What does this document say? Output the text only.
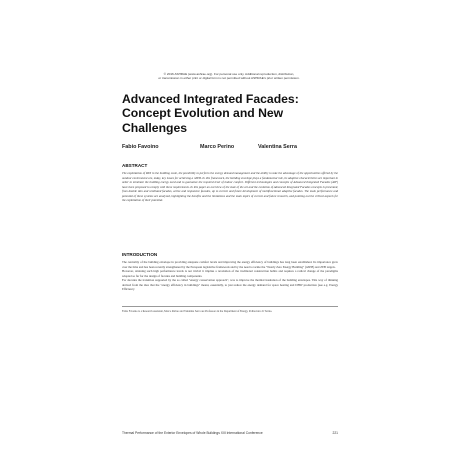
© 2016 ASHRAE (www.ashrae.org). For personal use only. Additional reproduction, distribution,
or transmission in either print or digital form is not permitted without ASHRAE's prior written permission.
Advanced Integrated Facades:
Concept Evolution and New
Challenges
Fabio Favoino	Marco Perino	Valentina Serra
ABSTRACT
The exploitation of RES in the building scale, the possibility to perform the energy demand management and the ability to take the advantage of the opportunities offered by the outdoor environment are, today, key issues for achieving a nZEB. In this framework, the building envelope plays a fundamental role, its adaptive characteristics are important in order to minimize the building energy need and to guarantee the required level of indoor comfort. Different technologies and concepts of Advanced Integrated Facades (AIF) have been proposed to comply with these requirements. In this paper an overview of the state of the art and the evolution of Advanced Integrated Facades concepts is presented, from double skin and ventilated facades, active and responsive facades, up to current and future development of multifunctional adaptive facades. The main performance and potential of these systems are analysed, highlighting the benefits and the limitations and the main topics of current and future research, and pointing out the critical aspects for the exploitation of their potential.
INTRODUCTION
The centrality of the building envelope in providing adequate comfort levels and improving the energy efficiency of buildings has long been established. Its importance grew over the time and has been recently strengthened by the European legislative framework and by the need to tackle the "Nearly Zero Energy Building" (nZEB) and ZEB targets.
However, attaining such high performance levels is not trivial: it implies a revolution of the traditional construction habits and requires a radical change of the paradigms adopted so far for the design of facades and building components.
For decades the transition supported by the so called "energy conservation approach", was to improve the thermal insulation of the building envelopes. This way of thinking derived from the idea that the "energy efficiency in buildings" meant, essentially, to just reduce the energy demand for space heating and DHW production (see e.g. Energy Efficiency
Fabio Favoino is a Research Assistant, Marco Perino and Valentina Serra are Professors in the Department of Energy, Politecnico di Torino.
Thermal Performance of the Exterior Envelopes of Whole Buildings XIII International Conference	221
